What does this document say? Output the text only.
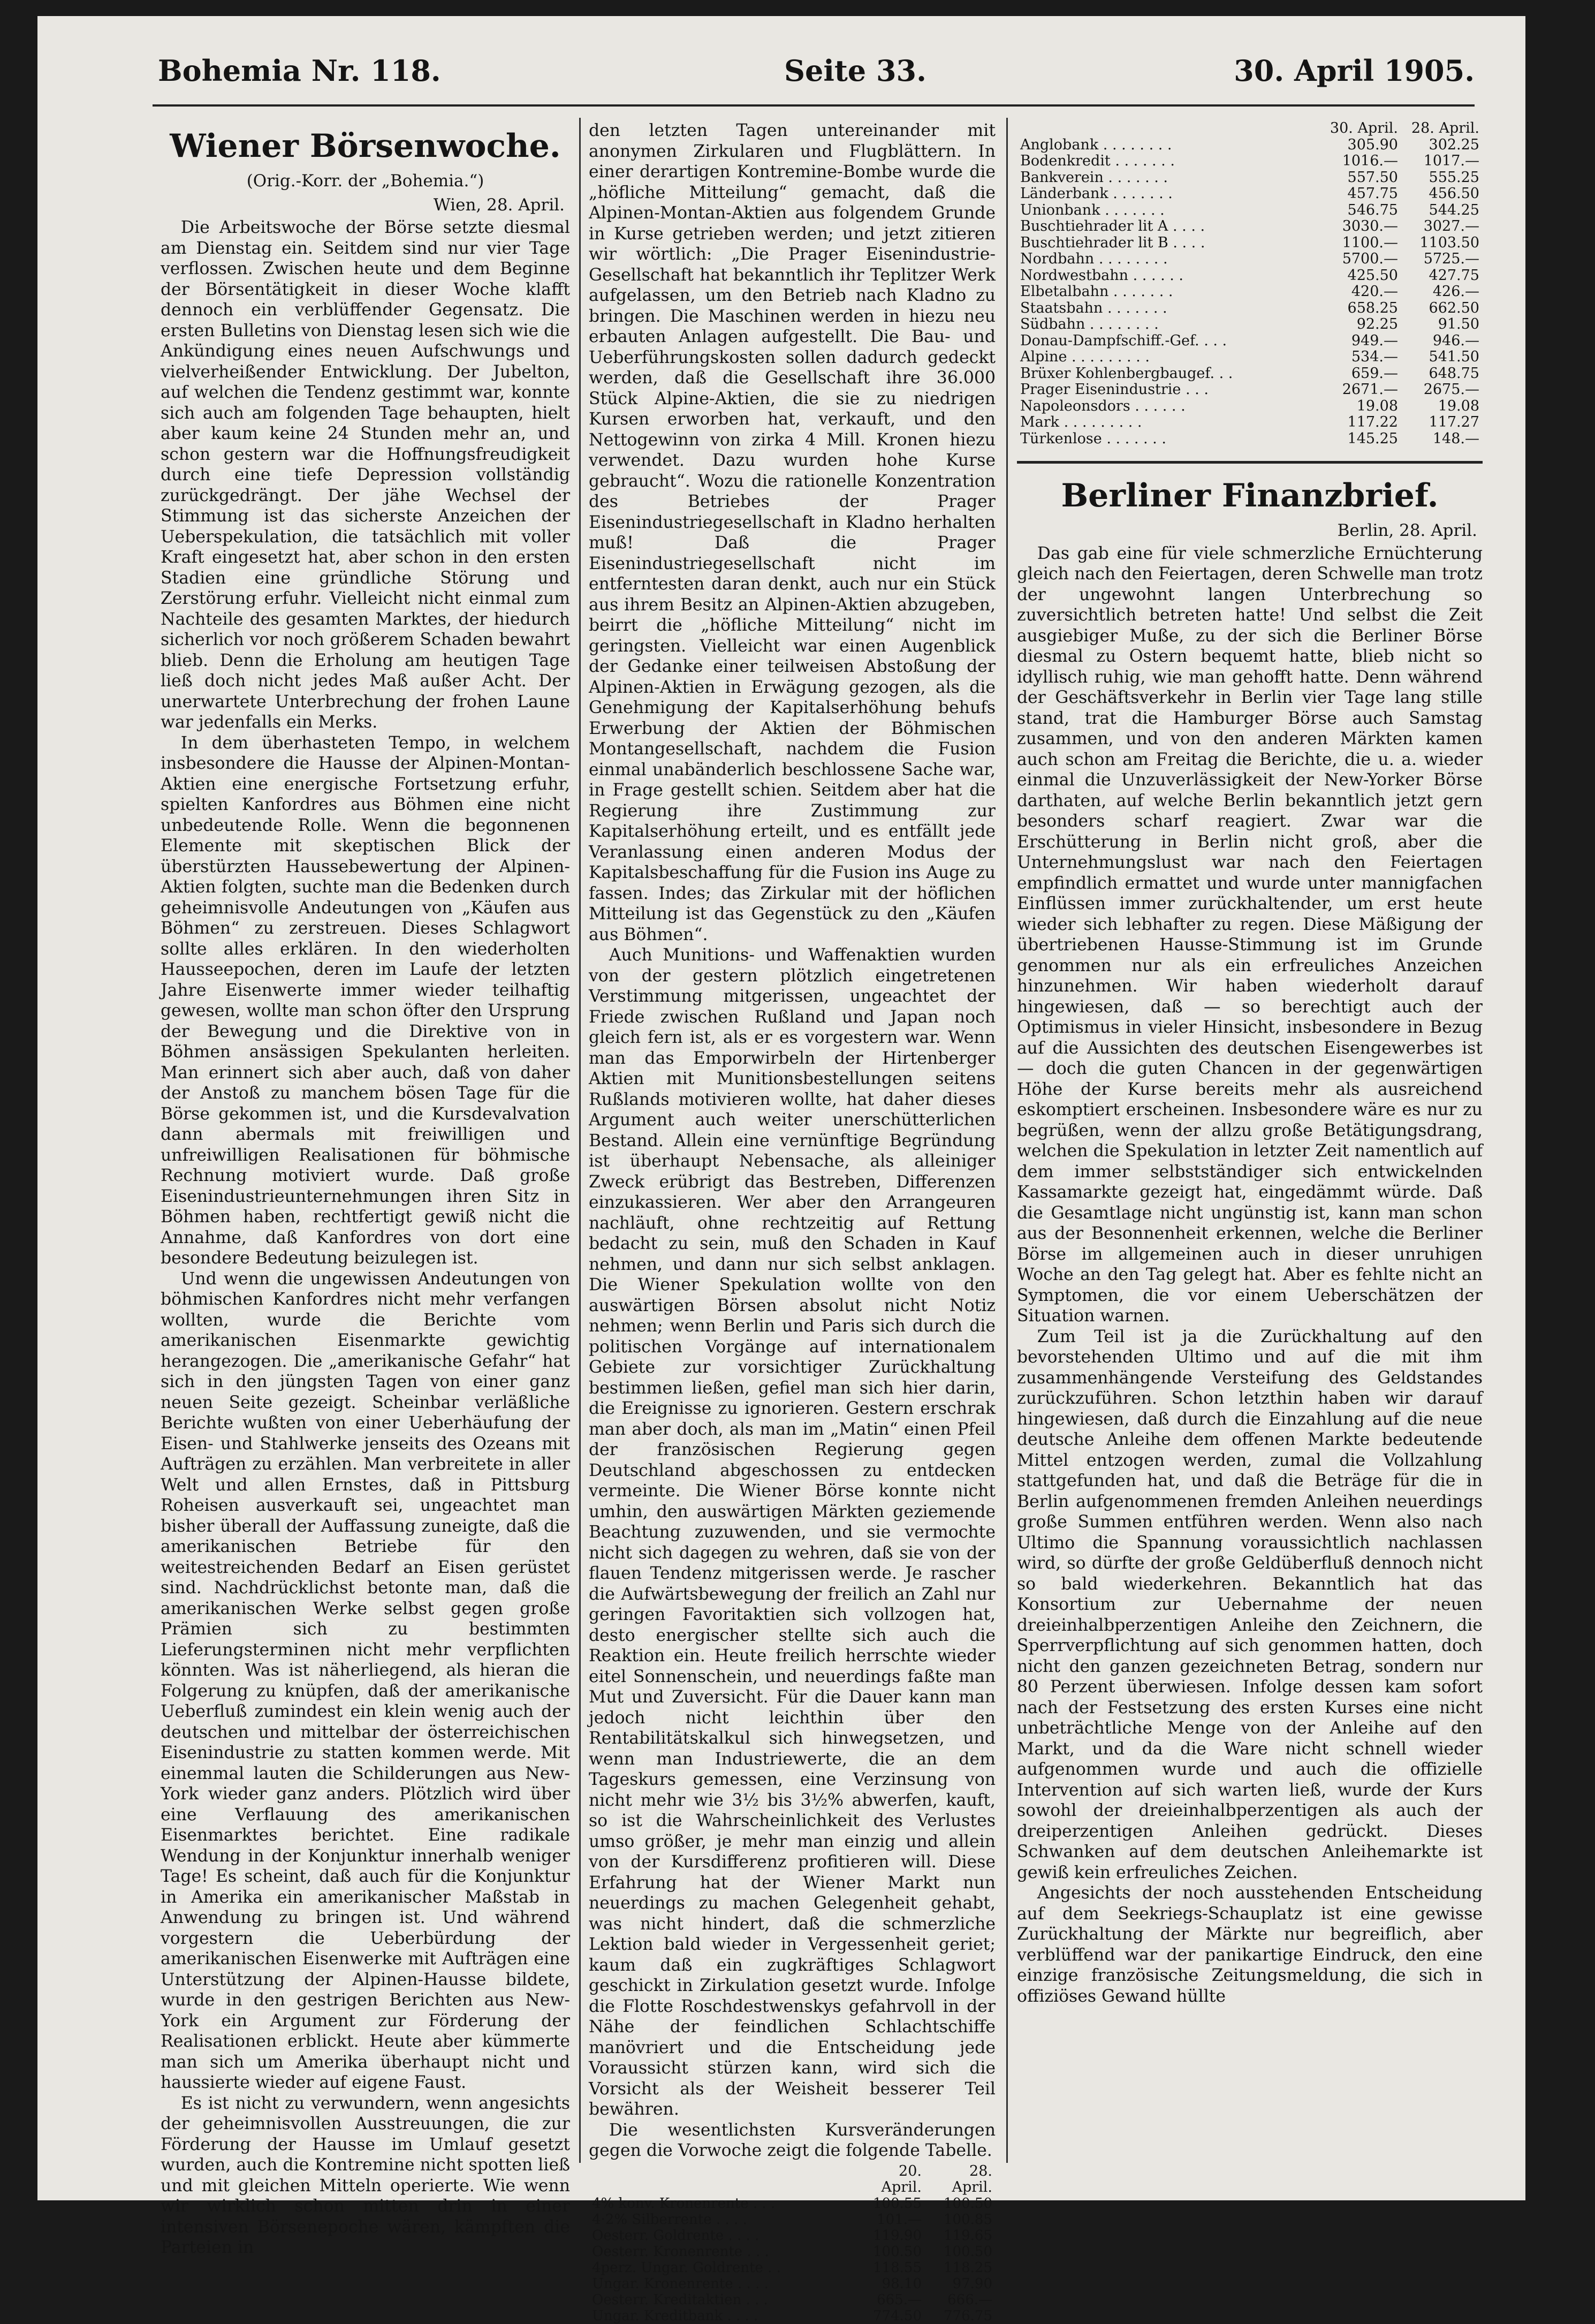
Bohemia Nr. 118.	Seite 33.	30. April 1905.
Wiener Börsenwoche.
(Orig.-Korr. der „Bohemia.“)
Wien, 28. April.

Die Arbeitswoche der Börse setzte diesmal am Dienstag ein. Seitdem sind nur vier Tage verflossen. Zwischen heute und dem Beginne der Börsentätigkeit in dieser Woche klafft dennoch ein verblüffender Gegensatz. Die ersten Bulletins von Dienstag lesen sich wie die Ankündigung eines neuen Aufschwungs und vielverheißender Entwicklung. Der Jubelton, auf welchen die Tendenz gestimmt war, konnte sich auch am folgenden Tage behaupten, hielt aber kaum keine 24 Stunden mehr an, und schon gestern war die Hoffnungsfreudigkeit durch eine tiefe Depression vollständig zurückgedrängt. Der jähe Wechsel der Stimmung ist das sicherste Anzeichen der Ueberspekulation, die tatsächlich mit voller Kraft eingesetzt hat, aber schon in den ersten Stadien eine gründliche Störung und Zerstörung erfuhr. Vielleicht nicht einmal zum Nachteile des gesamten Marktes, der hiedurch sicherlich vor noch größerem Schaden bewahrt blieb. Denn die Erholung am heutigen Tage ließ doch nicht jedes Maß außer Acht. Der unerwartete Unterbrechung der frohen Laune war jedenfalls ein Merks.

In dem überhasteten Tempo, in welchem insbesondere die Hausse der Alpinen-Montan-Aktien eine energische Fortsetzung erfuhr, spielten Kanfordres aus Böhmen eine nicht unbedeutende Rolle. Wenn die begonnenen Elemente mit skeptischen Blick der überstürzten Haussebewertung der Alpinen-Aktien folgten, suchte man die Bedenken durch geheimnisvolle Andeutungen von „Käufen aus Böhmen“ zu zerstreuen. Dieses Schlagwort sollte alles erklären. In den wiederholten Hausseepochen, deren im Laufe der letzten Jahre Eisenwerte immer wieder teilhaftig gewesen, wollte man schon öfter den Ursprung der Bewegung und die Direktive von in Böhmen ansässigen Spekulanten herleiten. Man erinnert sich aber auch, daß von daher der Anstoß zu manchem bösen Tage für die Börse gekommen ist, und die Kursdevalvation dann abermals mit freiwilligen und unfreiwilligen Realisationen für böhmische Rechnung motiviert wurde. Daß große Eisenindustrieunternehmungen ihren Sitz in Böhmen haben, rechtfertigt gewiß nicht die Annahme, daß Kanfordres von dort eine besondere Bedeutung beizulegen ist.

Und wenn die ungewissen Andeutungen von böhmischen Kanfordres nicht mehr verfangen wollten, wurde die Berichte vom amerikanischen Eisenmarkte gewichtig herangezogen. Die „amerikanische Gefahr“ hat sich in den jüngsten Tagen von einer ganz neuen Seite gezeigt. Scheinbar verläßliche Berichte wußten von einer Ueberhäufung der Eisen- und Stahlwerke jenseits des Ozeans mit Aufträgen zu erzählen. Man verbreitete in aller Welt und allen Ernstes, daß in Pittsburg Roheisen ausverkauft sei, ungeachtet man bisher überall der Auffassung zuneigte, daß die amerikanischen Betriebe für den weitestreichenden Bedarf an Eisen gerüstet sind. Nachdrücklichst betonte man, daß die amerikanischen Werke selbst gegen große Prämien sich zu bestimmten Lieferungsterminen nicht mehr verpflichten könnten. Was ist näherliegend, als hieran die Folgerung zu knüpfen, daß der amerikanische Ueberfluß zumindest ein klein wenig auch der deutschen und mittelbar der österreichischen Eisenindustrie zu statten kommen werde. Mit einemmal lauten die Schilderungen aus New-York wieder ganz anders. Plötzlich wird über eine Verflauung des amerikanischen Eisenmarktes berichtet. Eine radikale Wendung in der Konjunktur innerhalb weniger Tage! Es scheint, daß auch für die Konjunktur in Amerika ein amerikanischer Maßstab in Anwendung zu bringen ist. Und während vorgestern die Ueberbürdung der amerikanischen Eisenwerke mit Aufträgen eine Unterstützung der Alpinen-Hausse bildete, wurde in den gestrigen Berichten aus New-York ein Argument zur Förderung der Realisationen erblickt. Heute aber kümmerte man sich um Amerika überhaupt nicht und haussierte wieder auf eigene Faust.

Es ist nicht zu verwundern, wenn angesichts der geheimnisvollen Ausstreuungen, die zur Förderung der Hausse im Umlauf gesetzt wurden, auch die Kontremine nicht spotten ließ und mit gleichen Mitteln operierte. Wie wenn wir wirklich schon mitten drin in einer intensiven Börsenepoche wären, kämpften die Parteien in

den letzten Tagen untereinander mit anonymen Zirkularen und Flugblättern. In einer derartigen Kontremine-Bombe wurde die „höfliche Mitteilung“ gemacht, daß die Alpinen-Montan-Aktien aus folgendem Grunde in Kurse getrieben werden; und jetzt zitieren wir wörtlich: „Die Prager Eisenindustrie-Gesellschaft hat bekanntlich ihr Teplitzer Werk aufgelassen, um den Betrieb nach Kladno zu bringen. Die Maschinen werden in hiezu neu erbauten Anlagen aufgestellt. Die Bau- und Ueberführungskosten sollen dadurch gedeckt werden, daß die Gesellschaft ihre 36.000 Stück Alpine-Aktien, die sie zu niedrigen Kursen erworben hat, verkauft, und den Nettogewinn von zirka 4 Mill. Kronen hiezu verwendet. Dazu wurden hohe Kurse gebraucht“. Wozu die rationelle Konzentration des Betriebes der Prager Eisenindustriegesellschaft in Kladno herhalten muß! Daß die Prager Eisenindustriegesellschaft nicht im entferntesten daran denkt, auch nur ein Stück aus ihrem Besitz an Alpinen-Aktien abzugeben, beirrt die „höfliche Mitteilung“ nicht im geringsten. Vielleicht war einen Augenblick der Gedanke einer teilweisen Abstoßung der Alpinen-Aktien in Erwägung gezogen, als die Genehmigung der Kapitalserhöhung behufs Erwerbung der Aktien der Böhmischen Montangesellschaft, nachdem die Fusion einmal unabänderlich beschlossene Sache war, in Frage gestellt schien. Seitdem aber hat die Regierung ihre Zustimmung zur Kapitalserhöhung erteilt, und es entfällt jede Veranlassung einen anderen Modus der Kapitalsbeschaffung für die Fusion ins Auge zu fassen. Indes; das Zirkular mit der höflichen Mitteilung ist das Gegenstück zu den „Käufen aus Böhmen“.

Auch Munitions- und Waffenaktien wurden von der gestern plötzlich eingetretenen Verstimmung mitgerissen, ungeachtet der Friede zwischen Rußland und Japan noch gleich fern ist, als er es vorgestern war. Wenn man das Emporwirbeln der Hirtenberger Aktien mit Munitionsbestellungen seitens Rußlands motivieren wollte, hat daher dieses Argument auch weiter unerschütterlichen Bestand. Allein eine vernünftige Begründung ist überhaupt Nebensache, als alleiniger Zweck erübrigt das Bestreben, Differenzen einzukassieren. Wer aber den Arrangeuren nachläuft, ohne rechtzeitig auf Rettung bedacht zu sein, muß den Schaden in Kauf nehmen, und dann nur sich selbst anklagen. Die Wiener Spekulation wollte von den auswärtigen Börsen absolut nicht Notiz nehmen; wenn Berlin und Paris sich durch die politischen Vorgänge auf internationalem Gebiete zur vorsichtiger Zurückhaltung bestimmen ließen, gefiel man sich hier darin, die Ereignisse zu ignorieren. Gestern erschrak man aber doch, als man im „Matin“ einen Pfeil der französischen Regierung gegen Deutschland abgeschossen zu entdecken vermeinte. Die Wiener Börse konnte nicht umhin, den auswärtigen Märkten geziemende Beachtung zuzuwenden, und sie vermochte nicht sich dagegen zu wehren, daß sie von der flauen Tendenz mitgerissen werde. Je rascher die Aufwärtsbewegung der freilich an Zahl nur geringen Favoritaktien sich vollzogen hat, desto energischer stellte sich auch die Reaktion ein. Heute freilich herrschte wieder eitel Sonnenschein, und neuerdings faßte man Mut und Zuversicht. Für die Dauer kann man jedoch nicht leichthin über den Rentabilitätskalkul sich hinwegsetzen, und wenn man Industriewerte, die an dem Tageskurs gemessen, eine Verzinsung von nicht mehr wie 3½ bis 3½% abwerfen, kauft, so ist die Wahrscheinlichkeit des Verlustes umso größer, je mehr man einzig und allein von der Kursdifferenz profitieren will. Diese Erfahrung hat der Wiener Markt nun neuerdings zu machen Gelegenheit gehabt, was nicht hindert, daß die schmerzliche Lektion bald wieder in Vergessenheit geriet; kaum daß ein zugkräftiges Schlagwort geschickt in Zirkulation gesetzt wurde. Infolge die Flotte Roschdestwenskys gefahrvoll in der Nähe der feindlichen Schlachtschiffe manövriert und die Entscheidung jede Voraussicht stürzen kann, wird sich die Vorsicht als der Weisheit besserer Teil bewähren.

Die wesentlichsten Kursveränderungen gegen die Vorwoche zeigt die folgende Tabelle.

	20. April.	28. April.
4% konv. Kronenrente . . .	100.55	100.50
4·2% Silberrente . . . .	101.—	100.85
Oesterr. Goldrente . . . .	119.90	119.65
Oesterr. Kronenrente . . .	100.50	100.50
4perz. Ungar. Goldrente . .	118.55	118.25
Ungar. Kronenrente . . . .	98.10	97.90
Oesterr. Kreditaktien . . .	665.—	666.—
Ungar. Kreditbank . . . .	774.50	776.75
	30. April.	28. April.
Anglobank . . . . . . . .	305.90	302.25
Bodenkredit . . . . . . .	1016.—	1017.—
Bankverein . . . . . . .	557.50	555.25
Länderbank . . . . . . .	457.75	456.50
Unionbank . . . . . . .	546.75	544.25
Buschtiehrader lit A . . . .	3030.—	3027.—
Buschtiehrader lit B . . . .	1100.—	1103.50
Nordbahn . . . . . . . .	5700.—	5725.—
Nordwestbahn . . . . . .	425.50	427.75
Elbetalbahn . . . . . . .	420.—	426.—
Staatsbahn . . . . . . .	658.25	662.50
Südbahn . . . . . . . .	92.25	91.50
Donau-Dampfschiff.-Gef. . . .	949.—	946.—
Alpine . . . . . . . . .	534.—	541.50
Brüxer Kohlenbergbaugef. . .	659.—	648.75
Prager Eisenindustrie . . .	2671.—	2675.—
Napoleonsdors . . . . . .	19.08	19.08
Mark . . . . . . . . .	117.22	117.27
Türkenlose . . . . . . .	145.25	148.—
Berliner Finanzbrief.
Berlin, 28. April.

Das gab eine für viele schmerzliche Ernüchterung gleich nach den Feiertagen, deren Schwelle man trotz der ungewohnt langen Unterbrechung so zuversichtlich betreten hatte! Und selbst die Zeit ausgiebiger Muße, zu der sich die Berliner Börse diesmal zu Ostern bequemt hatte, blieb nicht so idyllisch ruhig, wie man gehofft hatte. Denn während der Geschäftsverkehr in Berlin vier Tage lang stille stand, trat die Hamburger Börse auch Samstag zusammen, und von den anderen Märkten kamen auch schon am Freitag die Berichte, die u. a. wieder einmal die Unzuverlässigkeit der New-Yorker Börse darthaten, auf welche Berlin bekanntlich jetzt gern besonders scharf reagiert. Zwar war die Erschütterung in Berlin nicht groß, aber die Unternehmungslust war nach den Feiertagen empfindlich ermattet und wurde unter mannigfachen Einflüssen immer zurückhaltender, um erst heute wieder sich lebhafter zu regen. Diese Mäßigung der übertriebenen Hausse-Stimmung ist im Grunde genommen nur als ein erfreuliches Anzeichen hinzunehmen. Wir haben wiederholt darauf hingewiesen, daß — so berechtigt auch der Optimismus in vieler Hinsicht, insbesondere in Bezug auf die Aussichten des deutschen Eisengewerbes ist — doch die guten Chancen in der gegenwärtigen Höhe der Kurse bereits mehr als ausreichend eskomptiert erscheinen. Insbesondere wäre es nur zu begrüßen, wenn der allzu große Betätigungsdrang, welchen die Spekulation in letzter Zeit namentlich auf dem immer selbstständiger sich entwickelnden Kassamarkte gezeigt hat, eingedämmt würde. Daß die Gesamtlage nicht ungünstig ist, kann man schon aus der Besonnenheit erkennen, welche die Berliner Börse im allgemeinen auch in dieser unruhigen Woche an den Tag gelegt hat. Aber es fehlte nicht an Symptomen, die vor einem Ueberschätzen der Situation warnen.

Zum Teil ist ja die Zurückhaltung auf den bevorstehenden Ultimo und auf die mit ihm zusammenhängende Versteifung des Geldstandes zurückzuführen. Schon letzthin haben wir darauf hingewiesen, daß durch die Einzahlung auf die neue deutsche Anleihe dem offenen Markte bedeutende Mittel entzogen werden, zumal die Vollzahlung stattgefunden hat, und daß die Beträge für die in Berlin aufgenommenen fremden Anleihen neuerdings große Summen entführen werden. Wenn also nach Ultimo die Spannung voraussichtlich nachlassen wird, so dürfte der große Geldüberfluß dennoch nicht so bald wiederkehren. Bekanntlich hat das Konsortium zur Uebernahme der neuen dreieinhalbperzentigen Anleihe den Zeichnern, die Sperrverpflichtung auf sich genommen hatten, doch nicht den ganzen gezeichneten Betrag, sondern nur 80 Perzent überwiesen. Infolge dessen kam sofort nach der Festsetzung des ersten Kurses eine nicht unbeträchtliche Menge von der Anleihe auf den Markt, und da die Ware nicht schnell wieder aufgenommen wurde und auch die offizielle Intervention auf sich warten ließ, wurde der Kurs sowohl der dreieinhalbperzentigen als auch der dreiperzentigen Anleihen gedrückt. Dieses Schwanken auf dem deutschen Anleihemarkte ist gewiß kein erfreuliches Zeichen.

Angesichts der noch ausstehenden Entscheidung auf dem Seekriegs-Schauplatz ist eine gewisse Zurückhaltung der Märkte nur begreiflich, aber verblüffend war der panikartige Eindruck, den eine einzige französische Zeitungsmeldung, die sich in offiziöses Gewand hüllte
